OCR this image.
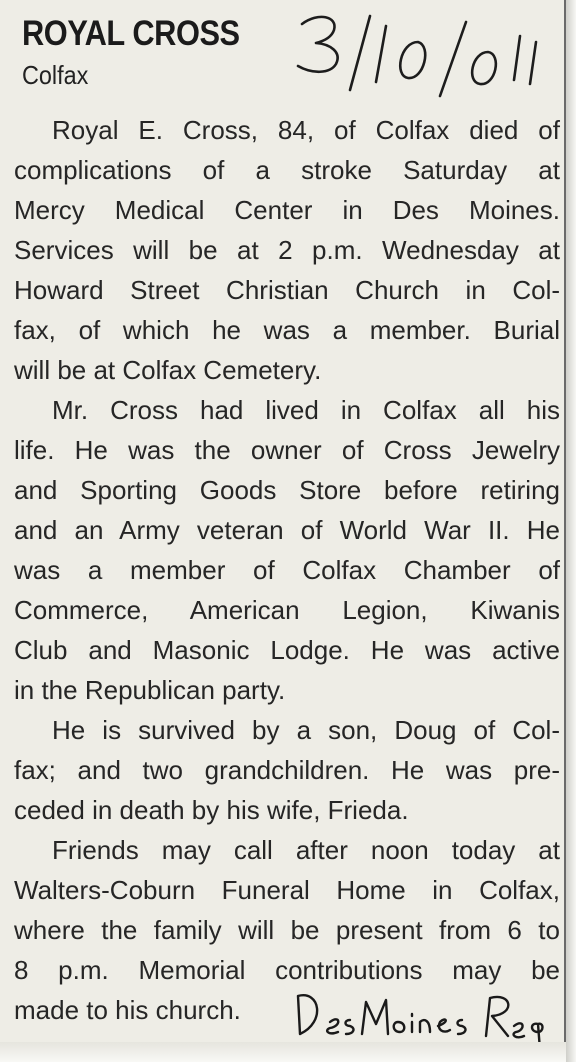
ROYAL CROSS
Colfax
Royal E. Cross, 84, of Colfax died of
complications of a stroke Saturday at
Mercy Medical Center in Des Moines.
Services will be at 2 p.m. Wednesday at
Howard Street Christian Church in Col-
fax, of which he was a member. Burial
will be at Colfax Cemetery.
Mr. Cross had lived in Colfax all his
life. He was the owner of Cross Jewelry
and Sporting Goods Store before retiring
and an Army veteran of World War II. He
was a member of Colfax Chamber of
Commerce, American Legion, Kiwanis
Club and Masonic Lodge. He was active
in the Republican party.
He is survived by a son, Doug of Col-
fax; and two grandchildren. He was pre-
ceded in death by his wife, Frieda.
Friends may call after noon today at
Walters-Coburn Funeral Home in Colfax,
where the family will be present from 6 to
8 p.m. Memorial contributions may be
made to his church.
